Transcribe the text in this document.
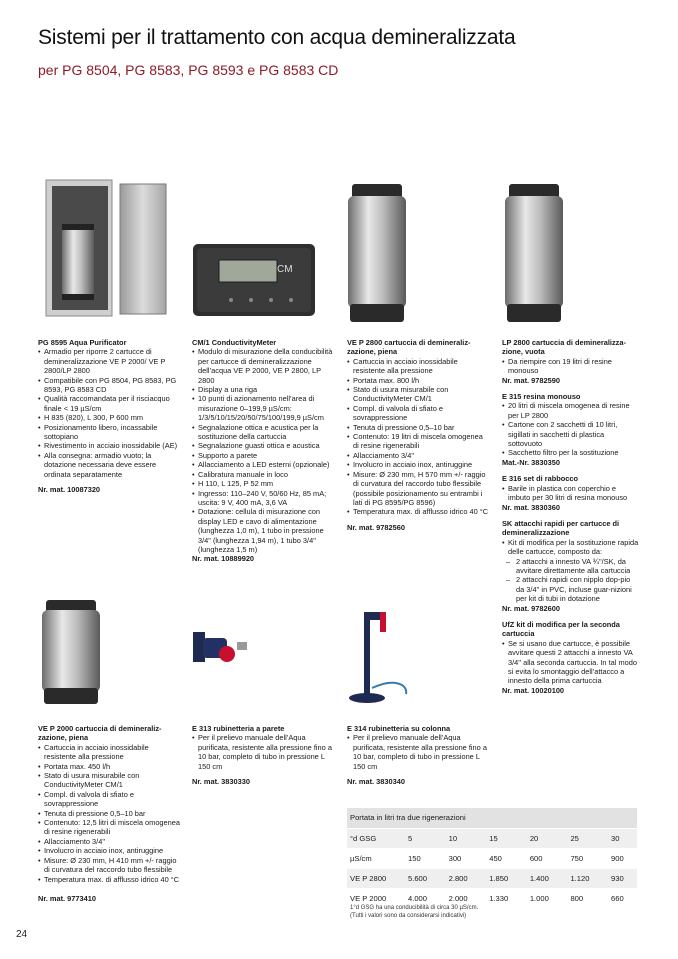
Sistemi per il trattamento con acqua demineralizzata
per PG 8504, PG 8583, PG 8593 e PG 8583 CD
CM
PG 8595 Aqua Purificator
• Armadio per riporre 2 cartucce di demineralizzazione VE P 2000/ VE P 2800/LP 2800
• Compatibile con PG 8504, PG 8583, PG 8593, PG 8583 CD
• Qualità raccomandata per il risciacquo finale < 19 µS/cm
• H 835 (820), L 300, P 600 mm
• Posizionamento libero, incassabile sottopiano
• Rivestimento in acciaio inossidabile (AE)
• Alla consegna: armadio vuoto; la dotazione necessaria deve essere ordinata separatamente
Nr. mat. 10087320
CM/1 ConductivityMeter
• Modulo di misurazione della conducibilità per cartucce di demineralizzazione dell’acqua VE P 2000, VE P 2800, LP 2800
• Display a una riga
• 10 punti di azionamento nell’area di misurazione 0–199,9 µS/cm: 1/3/5/10/15/20/50/75/100/199,9 µS/cm
• Segnalazione ottica e acustica per la sostituzione della cartuccia
• Segnalazione guasti ottica e acustica
• Supporto a parete
• Allacciamento a LED esterni (opzionale)
• Calibratura manuale in loco
• H 110, L 125, P 52 mm
• Ingresso: 110–240 V, 50/60 Hz, 85 mA; uscita: 9 V, 400 mA, 3,6 VA
• Dotazione: cellula di misurazione con display LED e cavo di alimentazione (lunghezza 1,0 m), 1 tubo in pressione 3/4" (lunghezza 1,94 m), 1 tubo 3/4" (lunghezza 1,5 m)
Nr. mat. 10889920
VE P 2800 cartuccia di demineraliz-zazione, piena
• Cartuccia in acciaio inossidabile resistente alla pressione
• Portata max. 800 l/h
• Stato di usura misurabile con ConductivityMeter CM/1
• Compl. di valvola di sfiato e sovrappressione
• Tenuta di pressione 0,5–10 bar
• Contenuto: 19 litri di miscela omogenea di resine rigenerabili
• Allacciamento 3/4"
• Involucro in acciaio inox, antirugginе
• Misure: Ø 230 mm, H 570 mm +/- raggio di curvatura del raccordo tubo flessibile (possibile posizionamento su entrambi i lati di PG 8595/PG 8596)
• Temperatura max. di afflusso idrico 40 °C
Nr. mat. 9782560
LP 2800 cartuccia di demineralizza-zione, vuota
• Da riempire con 19 litri di resine monouso
Nr. mat. 9782590
E 315 resina monouso
• 20 litri di miscela omogenea di resine per LP 2800
• Cartone con 2 sacchetti di 10 litri, sigillati in sacchetti di plastica sottovuoto
• Sacchetto filtro per la sostituzione
Mat.-Nr. 3830350
E 316 set di rabbocco
• Barile in plastica con coperchio e imbuto per 30 litri di resina monouso
Nr. mat. 3830360
SK attacchi rapidi per cartucce di demineralizzazione
• Kit di modifica per la sostituzione rapida delle cartucce, composto da:
– 2 attacchi a innesto VA ¾''/SK, da avvitare direttamente alla cartuccia
– 2 attacchi rapidi con nipplo dop-pio da 3/4'' in PVC, incluse guar-nizioni per kit di tubi in dotazione
Nr. mat. 9782600
UfZ kit di modifica per la seconda cartuccia
• Se si usano due cartucce, è possibile avvitare questi 2 attacchi a innesto VA 3/4'' alla seconda cartuccia. In tal modo si evita lo smontaggio dell’attacco a innesto della prima cartuccia
Nr. mat. 10020100
VE P 2000 cartuccia di demineraliz-zazione, piena
• Cartuccia in acciaio inossidabile resistente alla pressione
• Portata max. 450 l/h
• Stato di usura misurabile con ConductivityMeter CM/1
• Compl. di valvola di sfiato e sovrappressione
• Tenuta di pressione 0,5–10 bar
• Contenuto: 12,5 litri di miscela omogenea di resine rigenerabili
• Allacciamento 3/4"
• Involucro in acciaio inox, antiruggine
• Misure: Ø 230 mm, H 410 mm +/- raggio di curvatura del raccordo tubo flessibile
• Temperatura max. di afflusso idrico 40 °C
Nr. mat. 9773410
E 313 rubinetteria a parete
• Per il prelievo manuale dell’Aqua purificata, resistente alla pressione fino a 10 bar, completo di tubo in pressione L 150 cm
Nr. mat. 3830330
E 314 rubinetteria su colonna
• Per il prelievo manuale dell’Aqua purificata, resistente alla pressione fino a 10 bar, completo di tubo in pressione L 150 cm
Nr. mat. 3830340
Portata in litri tra due rigenerazioni						
°d GSG	5	10	15	20	25	30
µS/cm	150	300	450	600	750	900
VE P 2800	5.600	2.800	1.850	1.400	1.120	930
VE P 2000	4.000	2.000	1.330	1.000	800	660
1°d GSG ha una conducibilità di circa 30 µS/cm.
(Tutti i valori sono da considerarsi indicativi)
24
